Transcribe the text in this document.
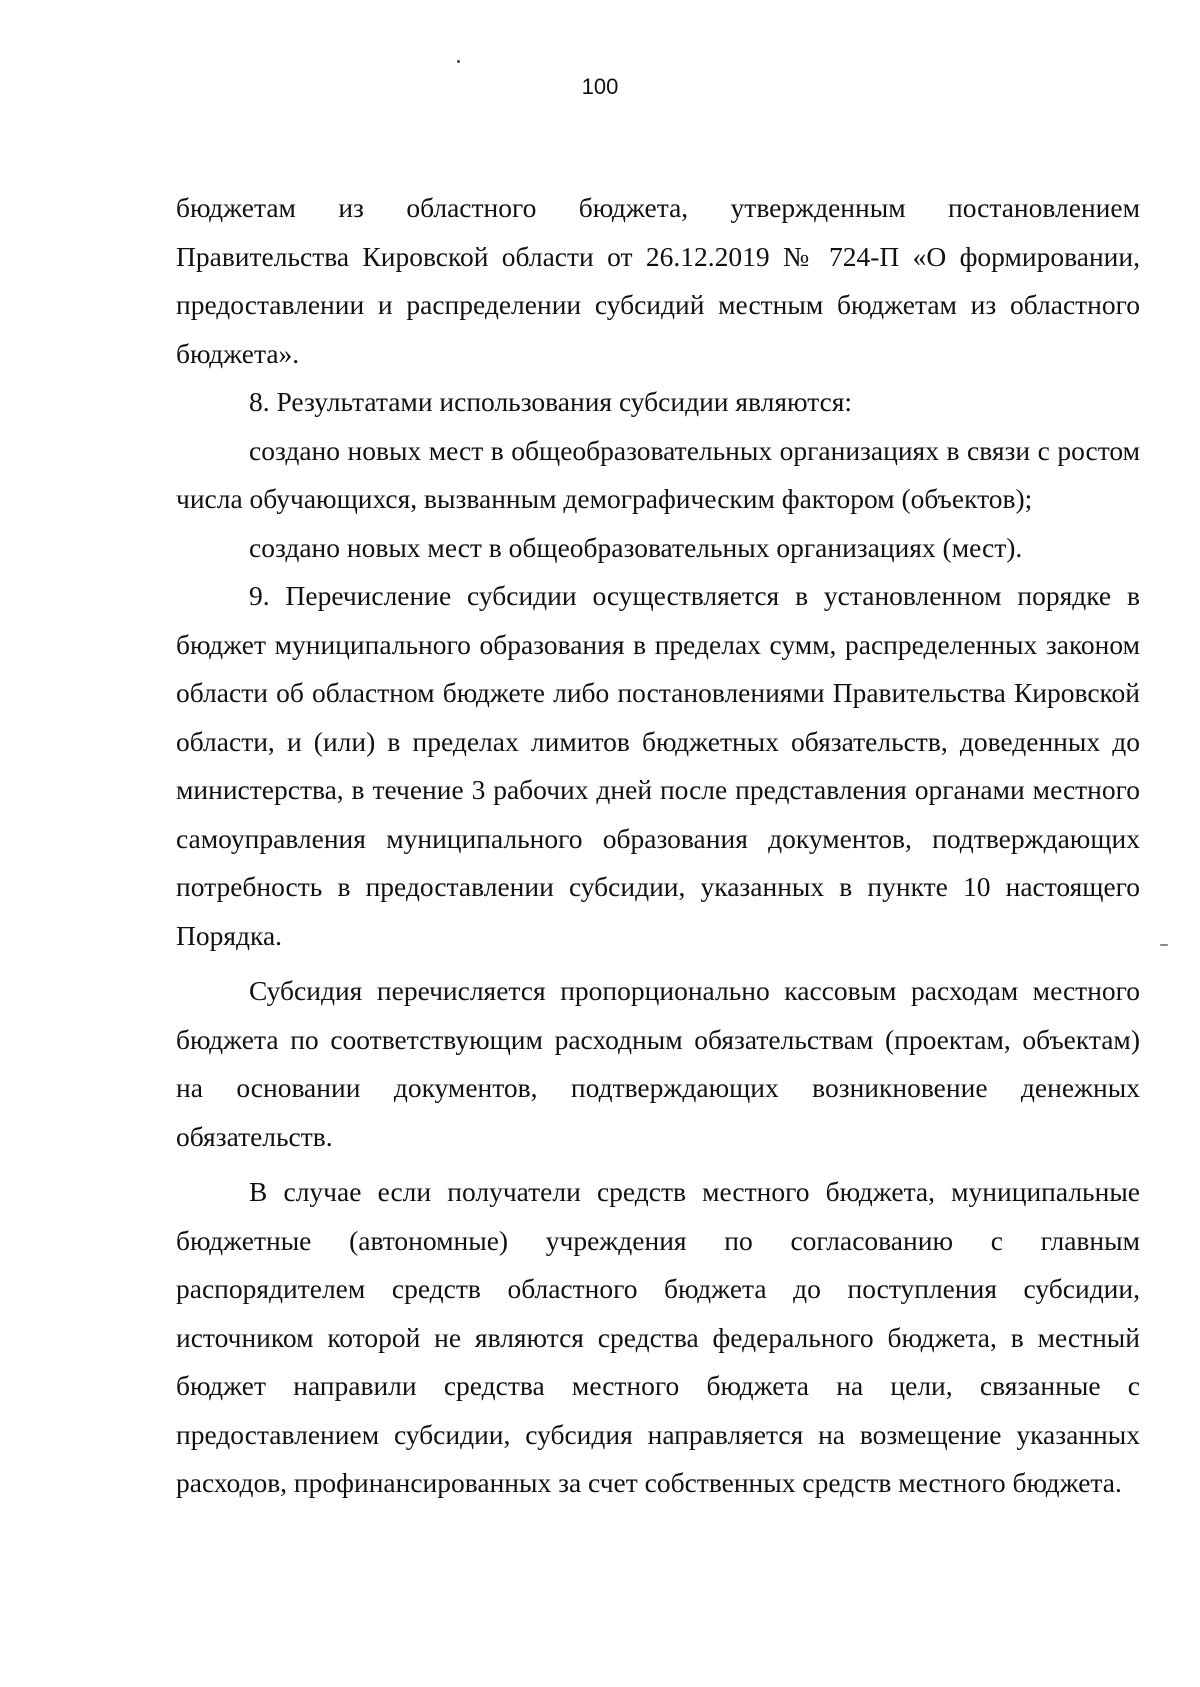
100

бюджетам из областного бюджета, утвержденным постановлением Правительства Кировской области от 26.12.2019 № 724-П «О формировании, предоставлении и распределении субсидий местным бюджетам из областного бюджета».

8. Результатами использования субсидии являются:

создано новых мест в общеобразовательных организациях в связи с ростом числа обучающихся, вызванным демографическим фактором (объектов);

создано новых мест в общеобразовательных организациях (мест).

9. Перечисление субсидии осуществляется в установленном порядке в бюджет муниципального образования в пределах сумм, распределенных законом области об областном бюджете либо постановлениями Правительства Кировской области, и (или) в пределах лимитов бюджетных обязательств, доведенных до министерства, в течение 3 рабочих дней после представления органами местного самоуправления муниципального образования документов, подтверждающих потребность в предоставлении субсидии, указанных в пункте 10 настоящего Порядка.

Субсидия перечисляется пропорционально кассовым расходам местного бюджета по соответствующим расходным обязательствам (проектам, объектам) на основании документов, подтверждающих возникновение денежных обязательств.

В случае если получатели средств местного бюджета, муниципальные бюджетные (автономные) учреждения по согласованию с главным распорядителем средств областного бюджета до поступления субсидии, источником которой не являются средства федерального бюджета, в местный бюджет направили средства местного бюджета на цели, связанные с предоставлением субсидии, субсидия направляется на возмещение указанных расходов, профинансированных за счет собственных средств местного бюджета.
